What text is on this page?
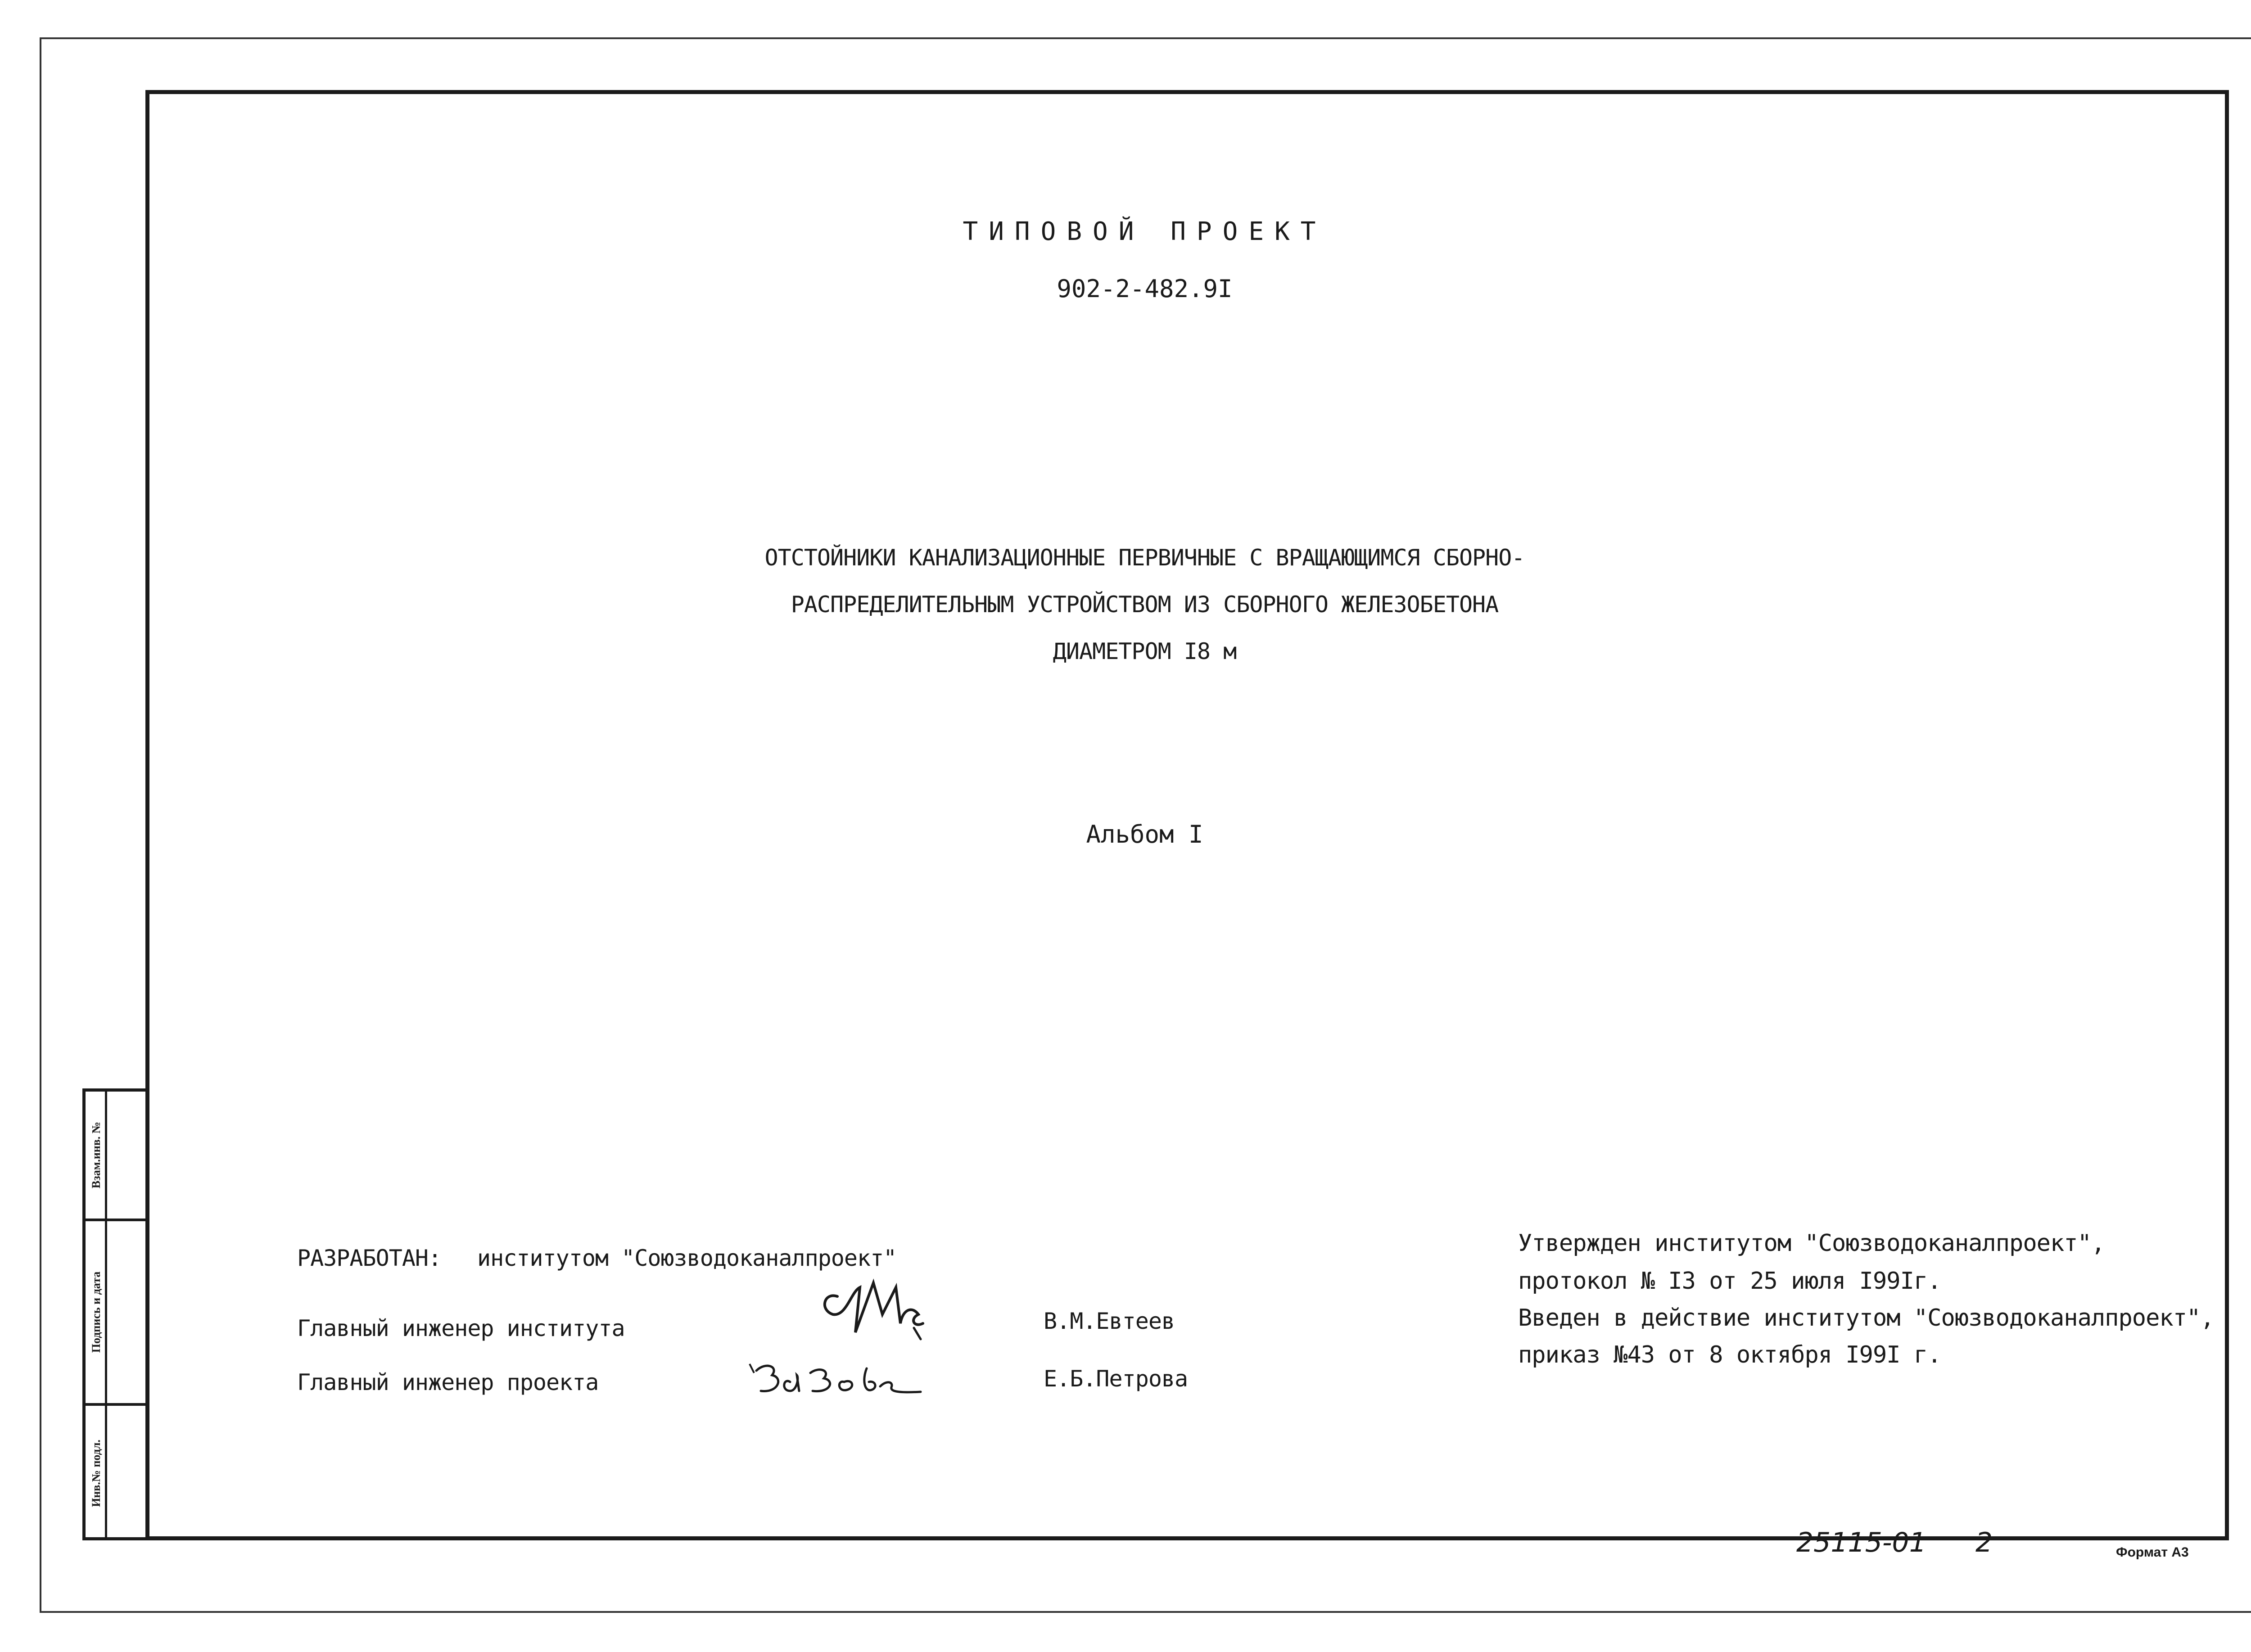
Взам.инв. №
Подпись и дата
Инв.№ подл.
ТИПОВОЙ ПРОЕКТ
902-2-482.9I
ОТСТОЙНИКИ КАНАЛИЗАЦИОННЫЕ ПЕРВИЧНЫЕ С ВРАЩАЮЩИМСЯ СБОРНО-
РАСПРЕДЕЛИТЕЛЬНЫМ УСТРОЙСТВОМ ИЗ СБОРНОГО ЖЕЛЕЗОБЕТОНА
ДИАМЕТРОМ I8 м
Альбом I
РАЗРАБОТАН: институтом "Союзводоканалпроект"
Главный инженер института	В.М.Евтеев
Главный инженер проекта	Е.Б.Петрова
Утвержден институтом "Союзводоканалпроект",
протокол № I3 от 25 июля I99Iг.
Введен в действие институтом "Союзводоканалпроект",
приказ №43 от 8 октября I99I г.
25115-01 2	Формат А3
